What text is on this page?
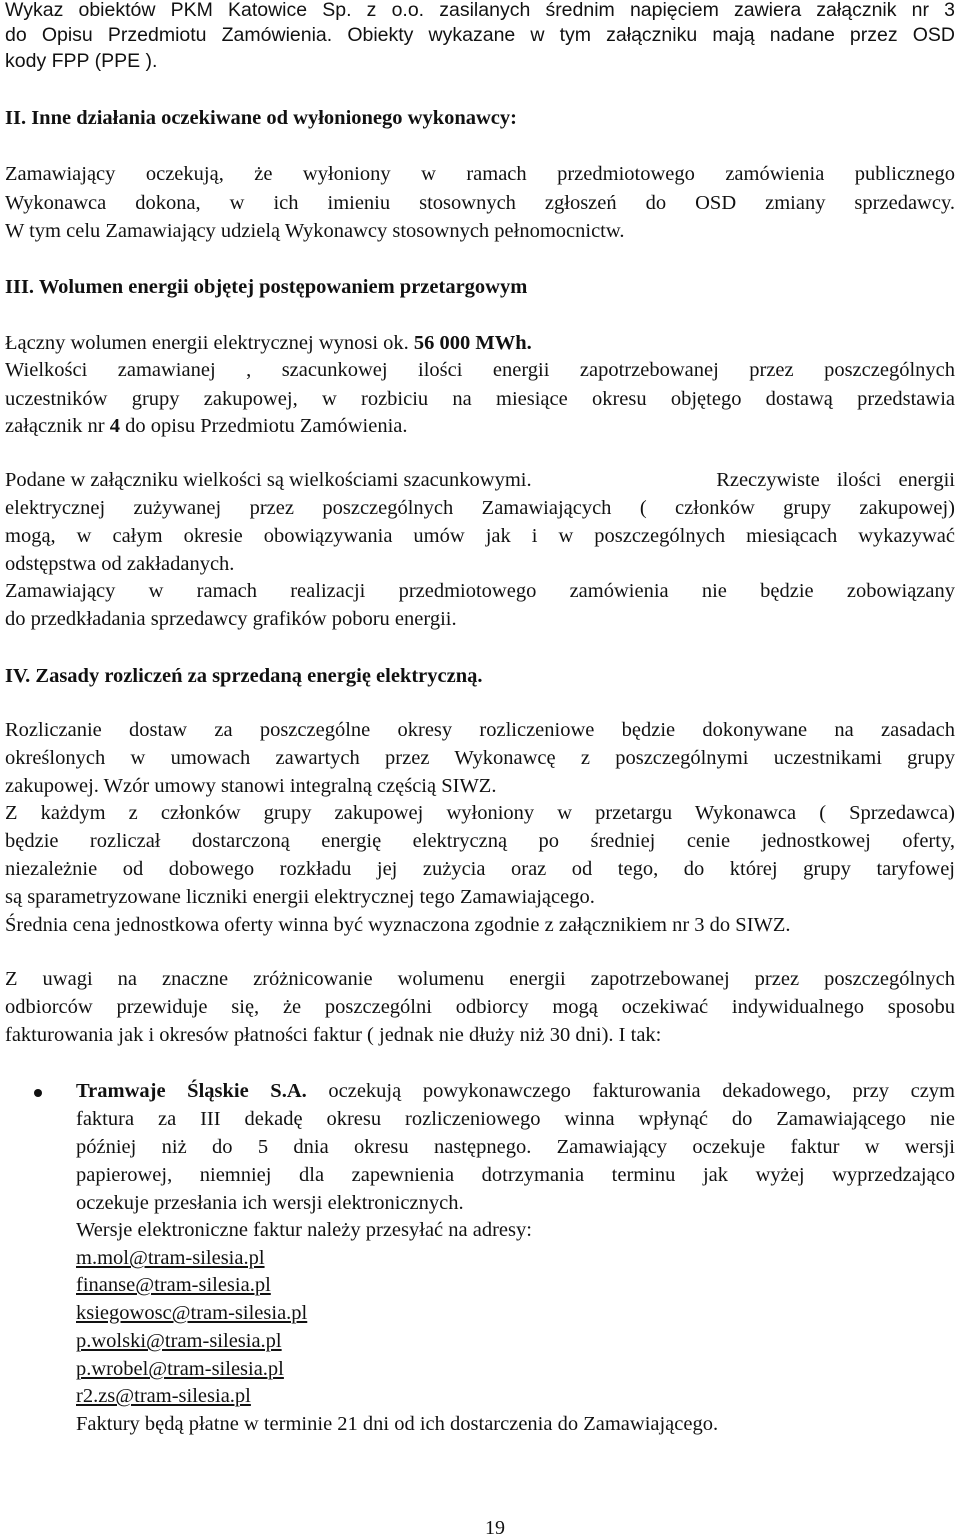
Wykaz obiektów PKM Katowice Sp. z o.o. zasilanych średnim napięciem zawiera załącznik nr 3
do Opisu Przedmiotu Zamówienia. Obiekty wykazane w tym załączniku mają nadane przez OSD
kody FPP (PPE ).
II. Inne działania oczekiwane od wyłonionego wykonawcy:
Zamawiający oczekują, że wyłoniony w ramach przedmiotowego zamówienia publicznego
Wykonawca dokona, w ich imieniu stosownych zgłoszeń do OSD zmiany sprzedawcy.
W tym celu Zamawiający udzielą Wykonawcy stosownych pełnomocnictw.
III. Wolumen energii objętej postępowaniem przetargowym
Łączny wolumen energii elektrycznej wynosi ok. 56 000 MWh.
Wielkości zamawianej , szacunkowej ilości energii zapotrzebowanej przez poszczególnych
uczestników grupy zakupowej, w rozbiciu na miesiące okresu objętego dostawą przedstawia
załącznik nr 4 do opisu Przedmiotu Zamówienia.
Podane w załączniku wielkości są wielkościami szacunkowymi.	Rzeczywiste ilości energii
elektrycznej zużywanej przez poszczególnych Zamawiających ( członków grupy zakupowej)
mogą, w całym okresie obowiązywania umów jak i w poszczególnych miesiącach wykazywać
odstępstwa od zakładanych.
Zamawiający w ramach realizacji przedmiotowego zamówienia nie będzie zobowiązany
do przedkładania sprzedawcy grafików poboru energii.
IV. Zasady rozliczeń za sprzedaną energię elektryczną.
Rozliczanie dostaw za poszczególne okresy rozliczeniowe będzie dokonywane na zasadach
określonych w umowach zawartych przez Wykonawcę z poszczególnymi uczestnikami grupy
zakupowej. Wzór umowy stanowi integralną częścią SIWZ.
Z każdym z członków grupy zakupowej wyłoniony w przetargu Wykonawca ( Sprzedawca)
będzie rozliczał dostarczoną energię elektryczną po średniej cenie jednostkowej oferty,
niezależnie od dobowego rozkładu jej zużycia oraz od tego, do której grupy taryfowej
są sparametryzowane liczniki energii elektrycznej tego Zamawiającego.
Średnia cena jednostkowa oferty winna być wyznaczona zgodnie z załącznikiem nr 3 do SIWZ.
Z uwagi na znaczne zróżnicowanie wolumenu energii zapotrzebowanej przez poszczególnych
odbiorców przewiduje się, że poszczególni odbiorcy mogą oczekiwać indywidualnego sposobu
fakturowania jak i okresów płatności faktur ( jednak nie dłuży niż 30 dni). I tak:
Tramwaje Śląskie S.A. oczekują powykonawczego fakturowania dekadowego, przy czym
faktura za III dekadę okresu rozliczeniowego winna wpłynąć do Zamawiającego nie
później niż do 5 dnia okresu następnego. Zamawiający oczekuje faktur w wersji
papierowej, niemniej dla zapewnienia dotrzymania terminu jak wyżej wyprzedzająco
oczekuje przesłania ich wersji elektronicznych.
Wersje elektroniczne faktur należy przesyłać na adresy:
m.mol@tram-silesia.pl
finanse@tram-silesia.pl
ksiegowosc@tram-silesia.pl
p.wolski@tram-silesia.pl
p.wrobel@tram-silesia.pl
r2.zs@tram-silesia.pl
Faktury będą płatne w terminie 21 dni od ich dostarczenia do Zamawiającego.
19
